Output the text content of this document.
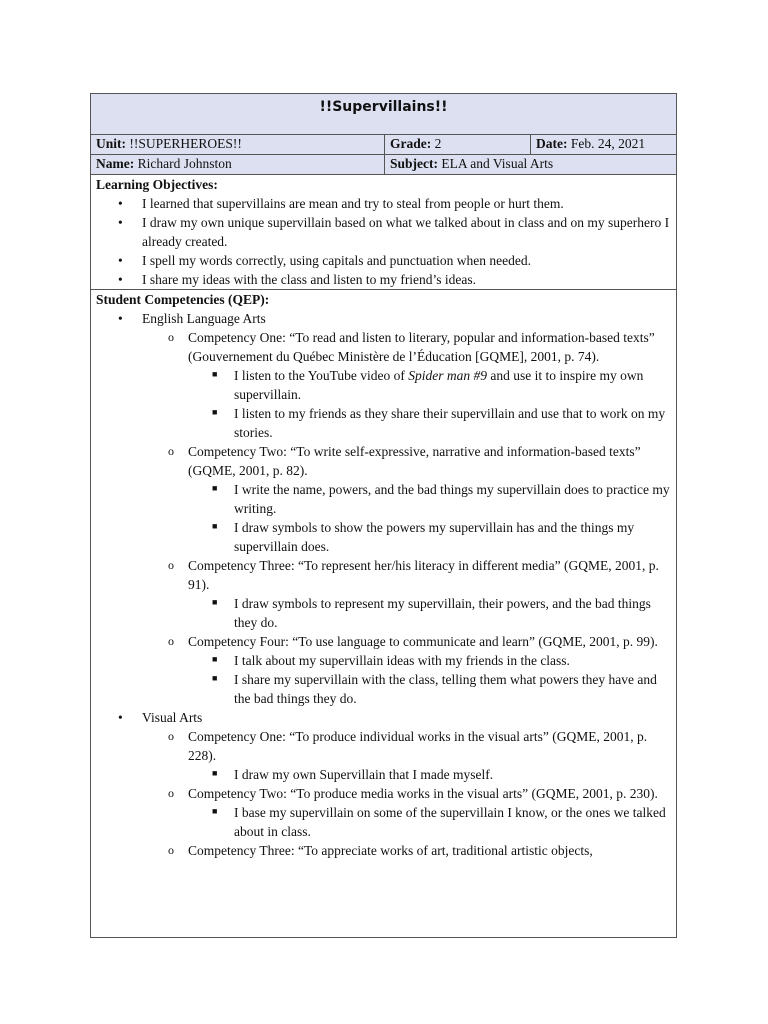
!!Supervillains!!
Unit: !!SUPERHEROES!!	Grade: 2	Date: Feb. 24, 2021
Name: Richard Johnston	Subject: ELA and Visual Arts
Learning Objectives:
• I learned that supervillains are mean and try to steal from people or hurt them.
• I draw my own unique supervillain based on what we talked about in class and on my superhero I already created.
• I spell my words correctly, using capitals and punctuation when needed.
• I share my ideas with the class and listen to my friend’s ideas.
Student Competencies (QEP):
• English Language Arts
o Competency One: “To read and listen to literary, popular and information-based texts” (Gouvernement du Québec Ministère de l’Éducation [GQME], 2001, p. 74).
■ I listen to the YouTube video of Spider man #9 and use it to inspire my own supervillain.
■ I listen to my friends as they share their supervillain and use that to work on my stories.
o Competency Two: “To write self-expressive, narrative and information-based texts” (GQME, 2001, p. 82).
■ I write the name, powers, and the bad things my supervillain does to practice my writing.
■ I draw symbols to show the powers my supervillain has and the things my supervillain does.
o Competency Three: “To represent her/his literacy in different media” (GQME, 2001, p. 91).
■ I draw symbols to represent my supervillain, their powers, and the bad things they do.
o Competency Four: “To use language to communicate and learn” (GQME, 2001, p. 99).
■ I talk about my supervillain ideas with my friends in the class.
■ I share my supervillain with the class, telling them what powers they have and the bad things they do.
• Visual Arts
o Competency One: “To produce individual works in the visual arts” (GQME, 2001, p. 228).
■ I draw my own Supervillain that I made myself.
o Competency Two: “To produce media works in the visual arts” (GQME, 2001, p. 230).
■ I base my supervillain on some of the supervillain I know, or the ones we talked about in class.
o Competency Three: “To appreciate works of art, traditional artistic objects,
